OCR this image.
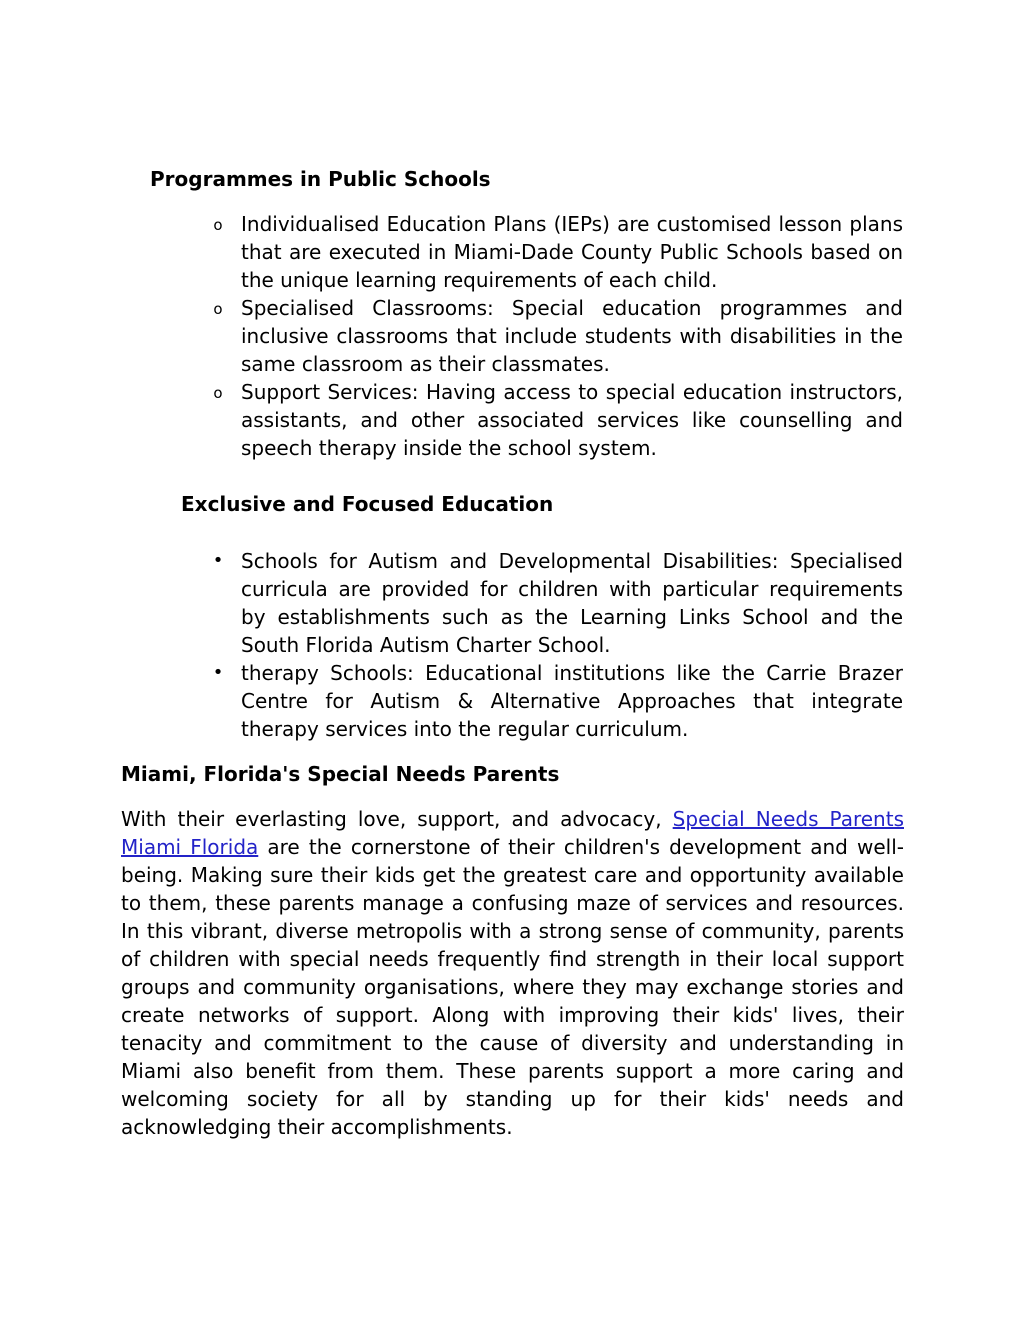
Programmes in Public Schools
o Individualised Education Plans (IEPs) are customised lesson plans that are executed in Miami-Dade County Public Schools based on the unique learning requirements of each child.
o Specialised Classrooms: Special education programmes and inclusive classrooms that include students with disabilities in the same classroom as their classmates.
o Support Services: Having access to special education instructors, assistants, and other associated services like counselling and speech therapy inside the school system.
Exclusive and Focused Education
• Schools for Autism and Developmental Disabilities: Specialised curricula are provided for children with particular requirements by establishments such as the Learning Links School and the South Florida Autism Charter School.
• therapy Schools: Educational institutions like the Carrie Brazer Centre for Autism & Alternative Approaches that integrate therapy services into the regular curriculum.
Miami, Florida's Special Needs Parents

With their everlasting love, support, and advocacy, Special Needs Parents Miami Florida are the cornerstone of their children's development and well-being. Making sure their kids get the greatest care and opportunity available to them, these parents manage a confusing maze of services and resources. In this vibrant, diverse metropolis with a strong sense of community, parents of children with special needs frequently find strength in their local support groups and community organisations, where they may exchange stories and create networks of support. Along with improving their kids' lives, their tenacity and commitment to the cause of diversity and understanding in Miami also benefit from them. These parents support a more caring and welcoming society for all by standing up for their kids' needs and acknowledging their accomplishments.
